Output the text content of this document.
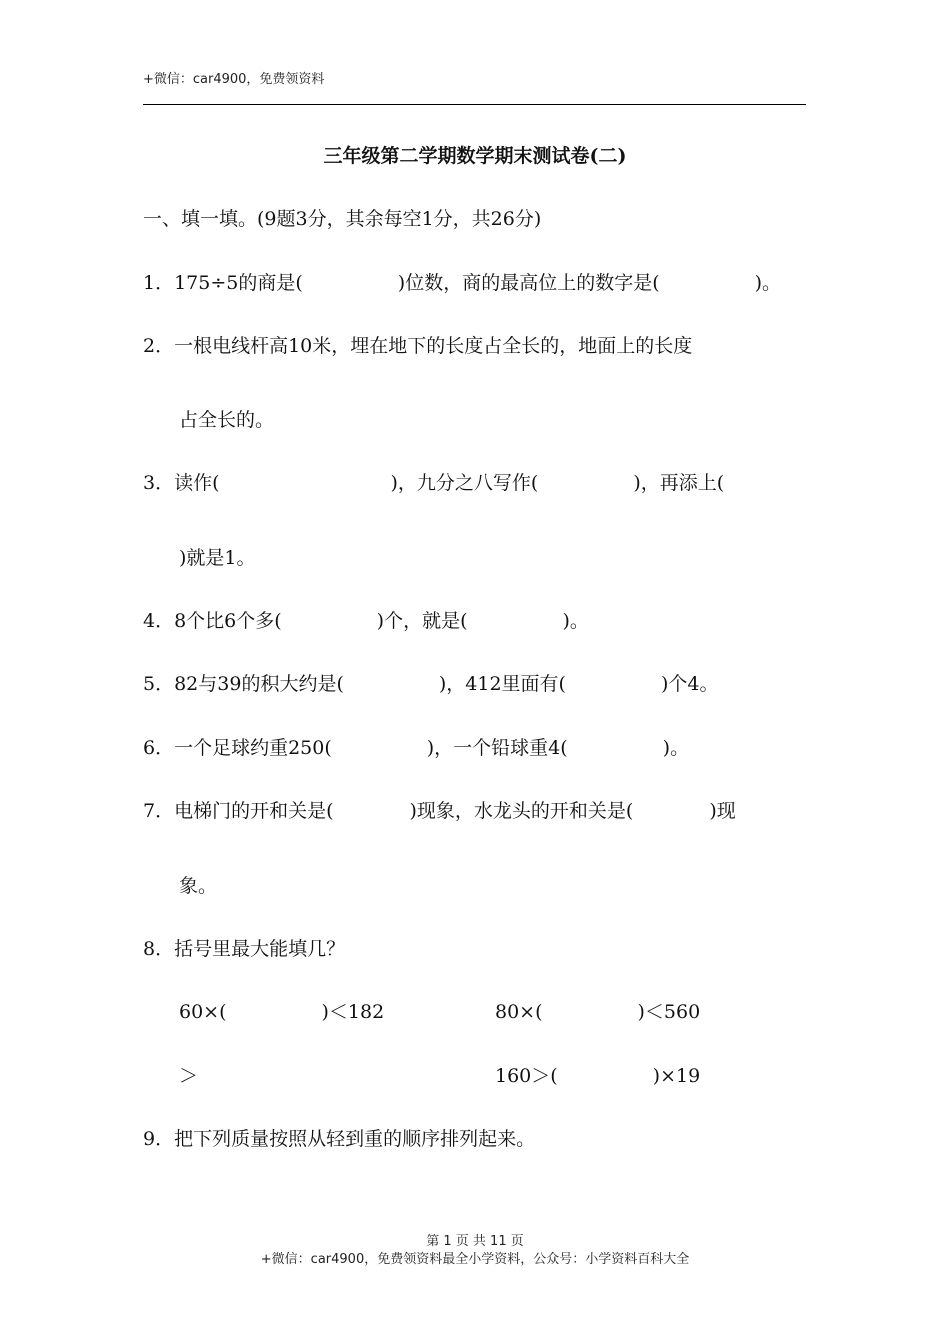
+微信：car4900，免费领资料
三年级第二学期数学期末测试卷(二)
一、填一填。(9题3分，其余每空1分，共26分)
1．175÷5的商是(　　　　　)位数，商的最高位上的数字是(　　　　　)。
2．一根电线杆高10米，埋在地下的长度占全长的，地面上的长度
占全长的。
3．读作(　　　　　　　　　)，九分之八写作(　　　　　)，再添上(
)就是1。
4．8个比6个多(　　　　　)个，就是(　　　　　)。
5．82与39的积大约是(　　　　　)，412里面有(　　　　　)个4。
6．一个足球约重250(　　　　　)，一个铅球重4(　　　　　)。
7．电梯门的开和关是(　　　　)现象，水龙头的开和关是(　　　　)现
象。
8．括号里最大能填几？
60×(　　　　　)＜182	80×(　　　　　)＜560
＞	160＞(　　　　　)×19
9．把下列质量按照从轻到重的顺序排列起来。
第 1 页 共 11 页
+微信：car4900，免费领资料最全小学资料，公众号：小学资料百科大全
